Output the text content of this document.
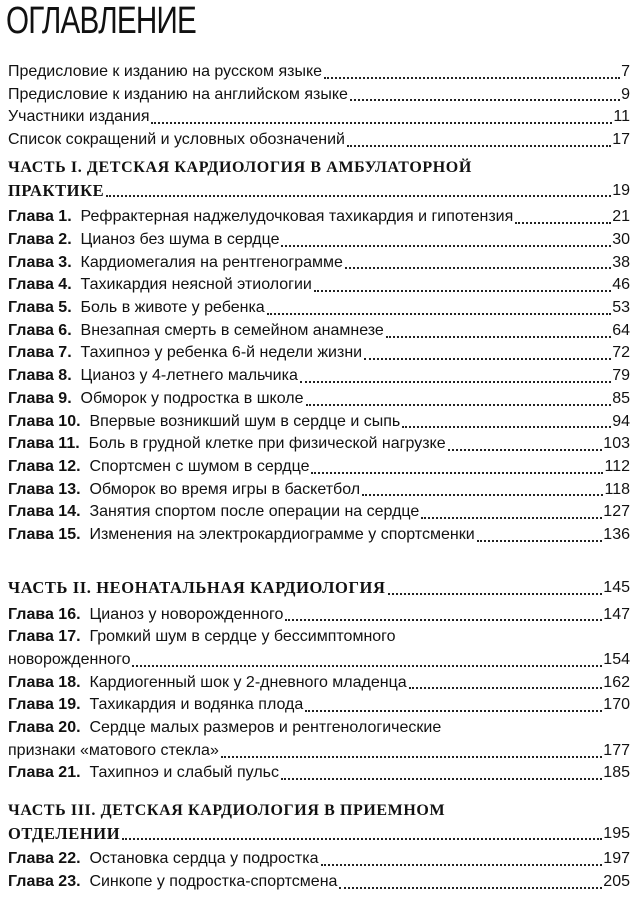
ОГЛАВЛЕНИЕ
Предисловие к изданию на русском языке	7
Предисловие к изданию на английском языке	9
Участники издания	11
Список сокращений и условных обозначений	17
ЧАСТЬ I. ДЕТСКАЯ КАРДИОЛОГИЯ В АМБУЛАТОРНОЙ
ПРАКТИКЕ	19
Глава 1. Рефрактерная наджелудочковая тахикардия и гипотензия	21
Глава 2. Цианоз без шума в сердце	30
Глава 3. Кардиомегалия на рентгенограмме	38
Глава 4. Тахикардия неясной этиологии	46
Глава 5. Боль в животе у ребенка	53
Глава 6. Внезапная смерть в семейном анамнезе	64
Глава 7. Тахипноэ у ребенка 6-й недели жизни	72
Глава 8. Цианоз у 4-летнего мальчика	79
Глава 9. Обморок у подростка в школе	85
Глава 10. Впервые возникший шум в сердце и сыпь	94
Глава 11. Боль в грудной клетке при физической нагрузке	103
Глава 12. Спортсмен с шумом в сердце	112
Глава 13. Обморок во время игры в баскетбол	118
Глава 14. Занятия спортом после операции на сердце	127
Глава 15. Изменения на электрокардиограмме у спортсменки	136
ЧАСТЬ II. НЕОНАТАЛЬНАЯ КАРДИОЛОГИЯ	145
Глава 16. Цианоз у новорожденного	147
Глава 17. Громкий шум в сердце у бессимптомного
новорожденного	154
Глава 18. Кардиогенный шок у 2-дневного младенца	162
Глава 19. Тахикардия и водянка плода	170
Глава 20. Сердце малых размеров и рентгенологические
признаки «матового стекла»	177
Глава 21. Тахипноэ и слабый пульс	185
ЧАСТЬ III. ДЕТСКАЯ КАРДИОЛОГИЯ В ПРИЕМНОМ
ОТДЕЛЕНИИ	195
Глава 22. Остановка сердца у подростка	197
Глава 23. Синкопе у подростка-спортсмена	205
